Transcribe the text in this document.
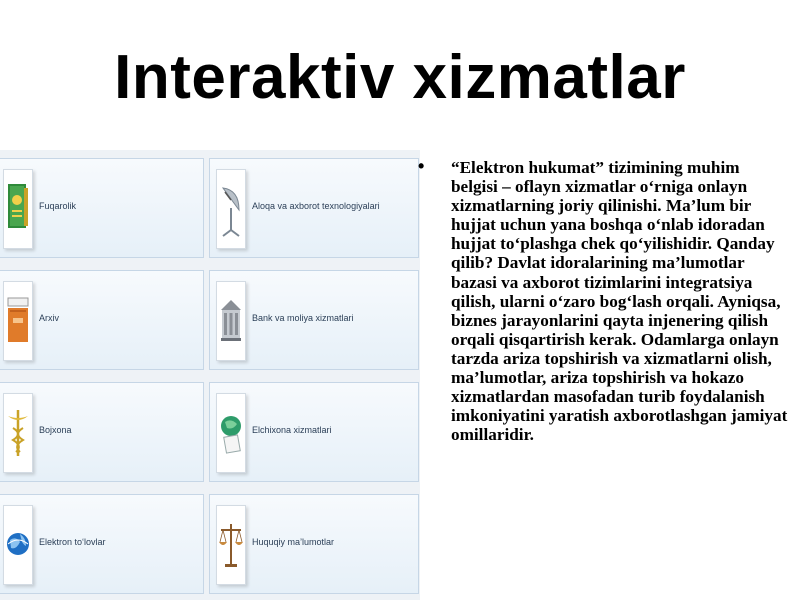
Interaktiv xizmatlar
Fuqarolik	Aloqa va axborot texnologiyalari
Arxiv	Bank va moliya xizmatlari
Bojxona	Elchixona xizmatlari
Elektron to‘lovlar	Huquqiy ma’lumotlar
•	“Elektron hukumat” tizimining muhim belgisi – oflayn xizmatlar o‘rniga onlayn xizmatlarning joriy qilinishi. Ma’lum bir hujjat uchun yana boshqa o‘nlab idoradan hujjat to‘plashga chek qo‘yilishidir. Qanday qilib? Davlat idoralarining ma’lumotlar bazasi va axborot tizimlarini integratsiya qilish, ularni o‘zaro bog‘lash orqali. Ayniqsa, biznes jarayonlarini qayta injenering qilish orqali qisqartirish kerak. Odamlarga onlayn tarzda ariza topshirish va xizmatlarni olish, ma’lumotlar, ariza topshirish va hokazo xizmatlardan masofadan turib foydalanish imkoniyatini yaratish axborotlashgan jamiyat omillaridir.
